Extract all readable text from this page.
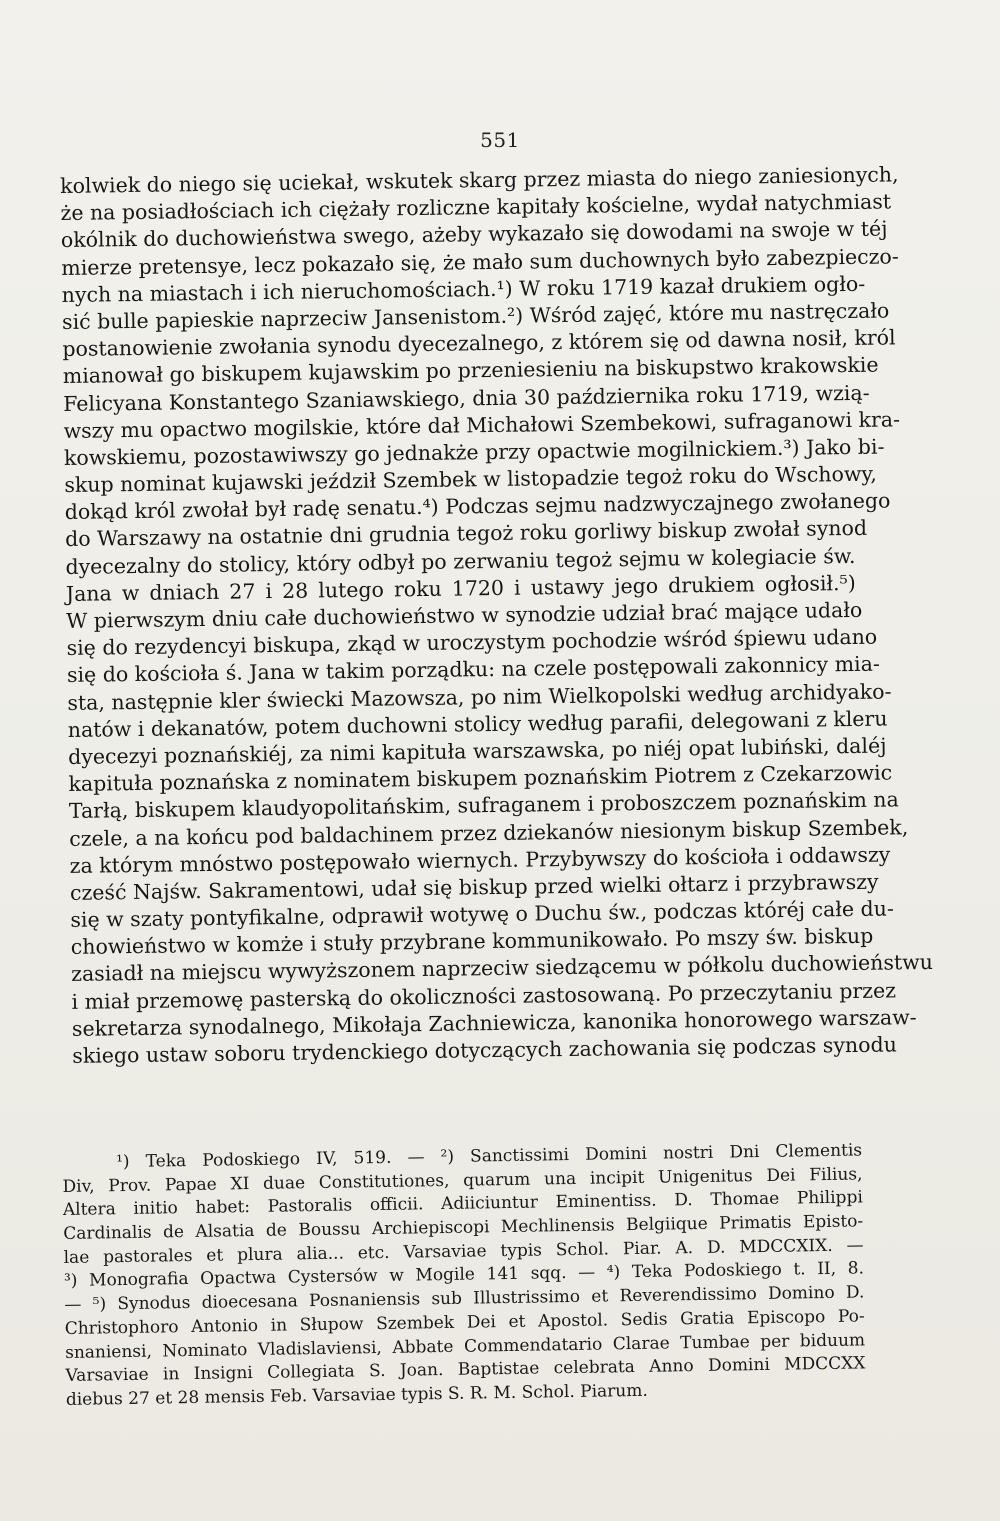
551
kolwiek do niego się uciekał, wskutek skarg przez miasta do niego zaniesionych,
że na posiadłościach ich ciężały rozliczne kapitały kościelne, wydał natychmiast
okólnik do duchowieństwa swego, ażeby wykazało się dowodami na swoje w téj
mierze pretensye, lecz pokazało się, że mało sum duchownych było zabezpieczo-
nych na miastach i ich nieruchomościach.¹) W roku 1719 kazał drukiem ogło-
sić bulle papieskie naprzeciw Jansenistom.²) Wśród zajęć, które mu nastręczało
postanowienie zwołania synodu dyecezalnego, z którem się od dawna nosił, król
mianował go biskupem kujawskim po przeniesieniu na biskupstwo krakowskie
Felicyana Konstantego Szaniawskiego, dnia 30 października roku 1719, wzią-
wszy mu opactwo mogilskie, które dał Michałowi Szembekowi, sufraganowi kra-
kowskiemu, pozostawiwszy go jednakże przy opactwie mogilnickiem.³) Jako bi-
skup nominat kujawski jeździł Szembek w listopadzie tegoż roku do Wschowy,
dokąd król zwołał był radę senatu.⁴) Podczas sejmu nadzwyczajnego zwołanego
do Warszawy na ostatnie dni grudnia tegoż roku gorliwy biskup zwołał synod
dyecezalny do stolicy, który odbył po zerwaniu tegoż sejmu w kolegiacie św.
Jana w dniach 27 i 28 lutego roku 1720 i ustawy jego drukiem ogłosił.⁵)
W pierwszym dniu całe duchowieństwo w synodzie udział brać mające udało
się do rezydencyi biskupa, zkąd w uroczystym pochodzie wśród śpiewu udano
się do kościoła ś. Jana w takim porządku: na czele postępowali zakonnicy mia-
sta, następnie kler świecki Mazowsza, po nim Wielkopolski według archidyako-
natów i dekanatów, potem duchowni stolicy według parafii, delegowani z kleru
dyecezyi poznańskiéj, za nimi kapituła warszawska, po niéj opat lubiński, daléj
kapituła poznańska z nominatem biskupem poznańskim Piotrem z Czekarzowic
Tarłą, biskupem klaudyopolitańskim, sufraganem i proboszczem poznańskim na
czele, a na końcu pod baldachinem przez dziekanów niesionym biskup Szembek,
za którym mnóstwo postępowało wiernych. Przybywszy do kościoła i oddawszy
cześć Najśw. Sakramentowi, udał się biskup przed wielki ołtarz i przybrawszy
się w szaty pontyfikalne, odprawił wotywę o Duchu św., podczas któréj całe du-
chowieństwo w komże i stuły przybrane kommunikowało. Po mszy św. biskup
zasiadł na miejscu wywyższonem naprzeciw siedzącemu w półkolu duchowieństwu
i miał przemowę pasterską do okoliczności zastosowaną. Po przeczytaniu przez
sekretarza synodalnego, Mikołaja Zachniewicza, kanonika honorowego warszaw-
skiego ustaw soboru trydenckiego dotyczących zachowania się podczas synodu
¹) Teka Podoskiego IV, 519. — ²) Sanctissimi Domini nostri Dni Clementis
Div, Prov. Papae XI duae Constitutiones, quarum una incipit Unigenitus Dei Filius,
Altera initio habet: Pastoralis officii. Adiiciuntur Eminentiss. D. Thomae Philippi
Cardinalis de Alsatia de Boussu Archiepiscopi Mechlinensis Belgiique Primatis Episto-
lae pastorales et plura alia... etc. Varsaviae typis Schol. Piar. A. D. MDCCXIX. —
³) Monografia Opactwa Cystersów w Mogile 141 sqq. — ⁴) Teka Podoskiego t. II, 8.
— ⁵) Synodus dioecesana Posnaniensis sub Illustrissimo et Reverendissimo Domino D.
Christophoro Antonio in Słupow Szembek Dei et Apostol. Sedis Gratia Episcopo Po-
snaniensi, Nominato Vladislaviensi, Abbate Commendatario Clarae Tumbae per biduum
Varsaviae in Insigni Collegiata S. Joan. Baptistae celebrata Anno Domini MDCCXX
diebus 27 et 28 mensis Feb. Varsaviae typis S. R. M. Schol. Piarum.
